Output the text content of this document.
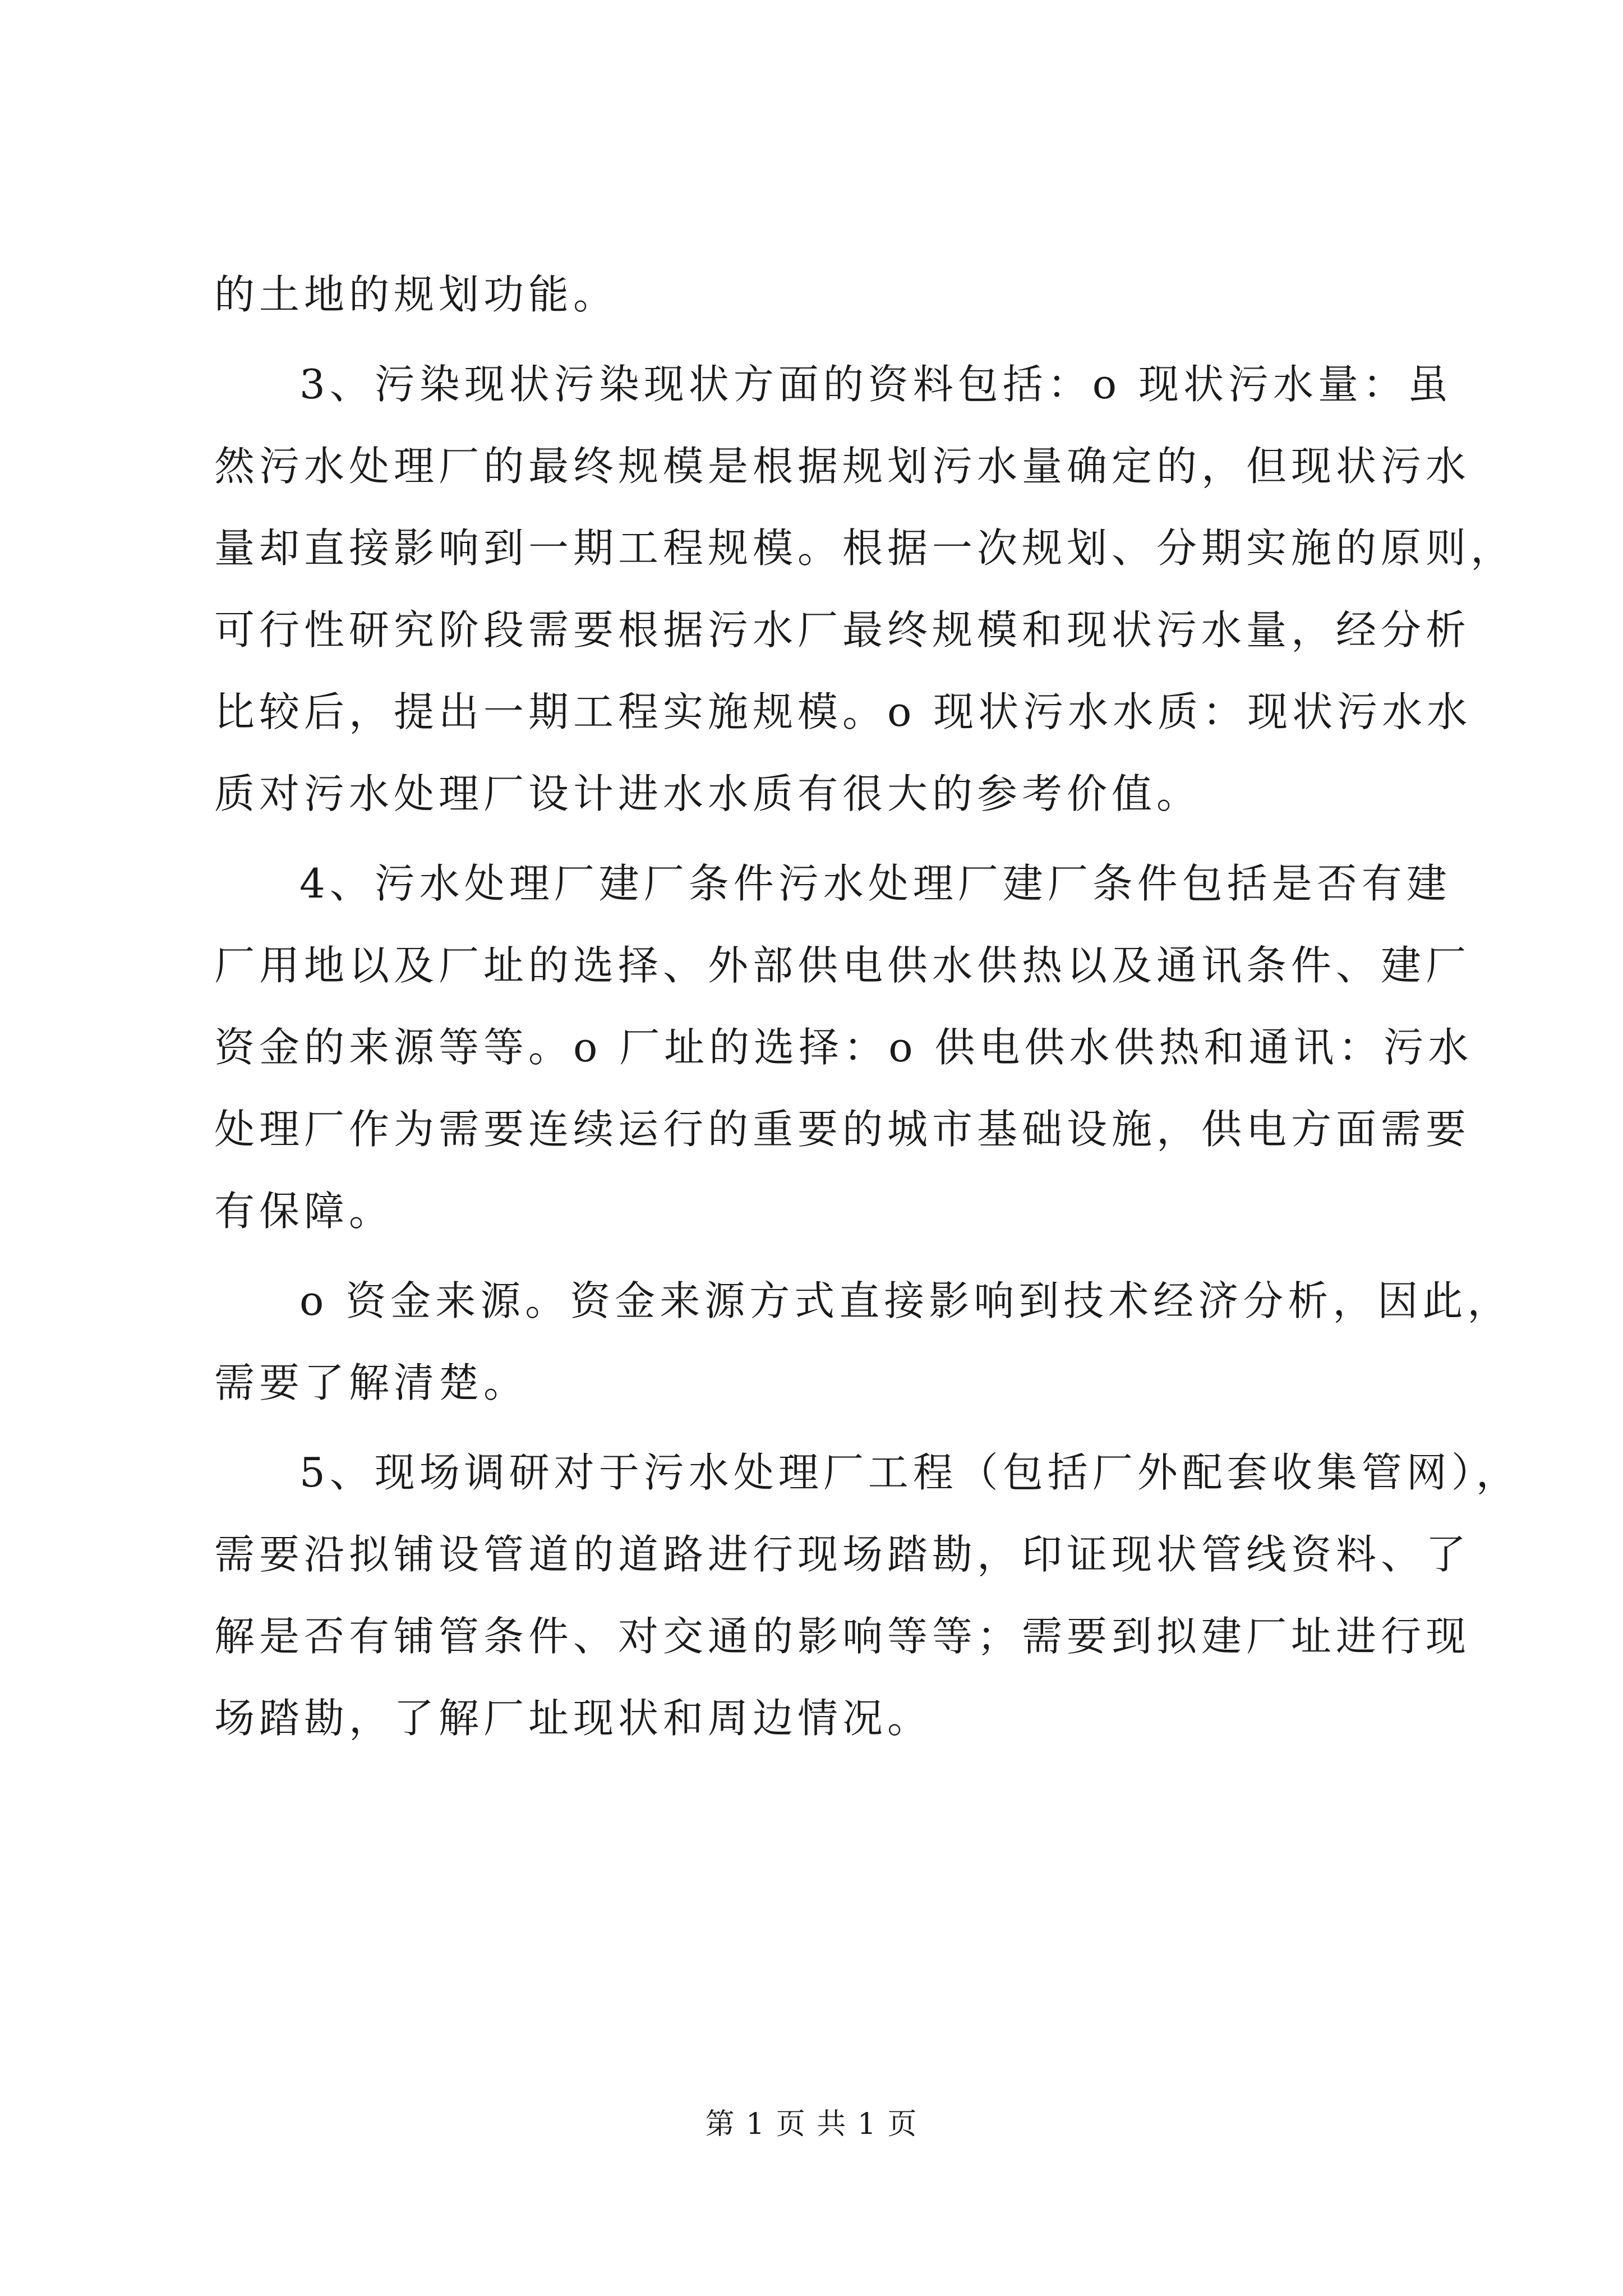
的土地的规划功能。
3、污染现状污染现状方面的资料包括：o 现状污水量：虽
然污水处理厂的最终规模是根据规划污水量确定的，但现状污水
量却直接影响到一期工程规模。根据一次规划、分期实施的原则，
可行性研究阶段需要根据污水厂最终规模和现状污水量，经分析
比较后，提出一期工程实施规模。o 现状污水水质：现状污水水
质对污水处理厂设计进水水质有很大的参考价值。
4、污水处理厂建厂条件污水处理厂建厂条件包括是否有建
厂用地以及厂址的选择、外部供电供水供热以及通讯条件、建厂
资金的来源等等。o 厂址的选择：o 供电供水供热和通讯：污水
处理厂作为需要连续运行的重要的城市基础设施，供电方面需要
有保障。
o 资金来源。资金来源方式直接影响到技术经济分析，因此，
需要了解清楚。
5、现场调研对于污水处理厂工程（包括厂外配套收集管网），
需要沿拟铺设管道的道路进行现场踏勘，印证现状管线资料、了
解是否有铺管条件、对交通的影响等等；需要到拟建厂址进行现
场踏勘，了解厂址现状和周边情况。
第 1 页 共 1 页
